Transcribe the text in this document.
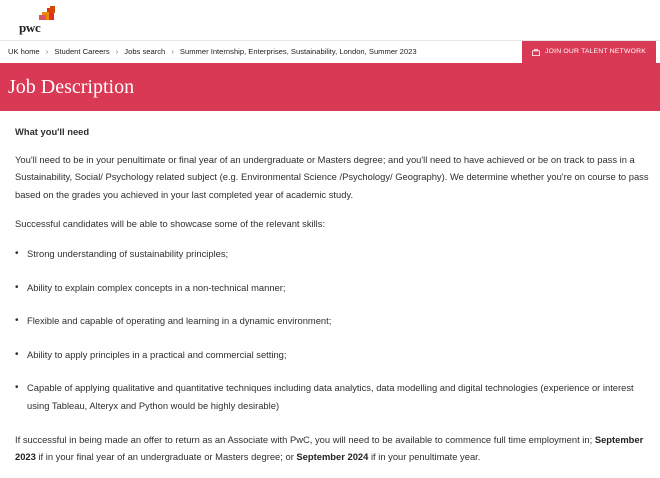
pwc
UK home › Student Careers › Jobs search › Summer Internship, Enterprises, Sustainability, London, Summer 2023	JOIN OUR TALENT NETWORK
Job Description

What you'll need

You'll need to be in your penultimate or final year of an undergraduate or Masters degree; and you'll need to have achieved or be on track to pass in a Sustainability, Social/ Psychology related subject (e.g. Environmental Science /Psychology/ Geography). We determine whether you're on course to pass based on the grades you achieved in your last completed year of academic study.

Successful candidates will be able to showcase some of the relevant skills:

• Strong understanding of sustainability principles;
• Ability to explain complex concepts in a non-technical manner;
• Flexible and capable of operating and learning in a dynamic environment;
• Ability to apply principles in a practical and commercial setting;
• Capable of applying qualitative and quantitative techniques including data analytics, data modelling and digital technologies (experience or interest using Tableau, Alteryx and Python would be highly desirable)

If successful in being made an offer to return as an Associate with PwC, you will need to be available to commence full time employment in; September 2023 if in your final year of an undergraduate or Masters degree; or September 2024 if in your penultimate year.
